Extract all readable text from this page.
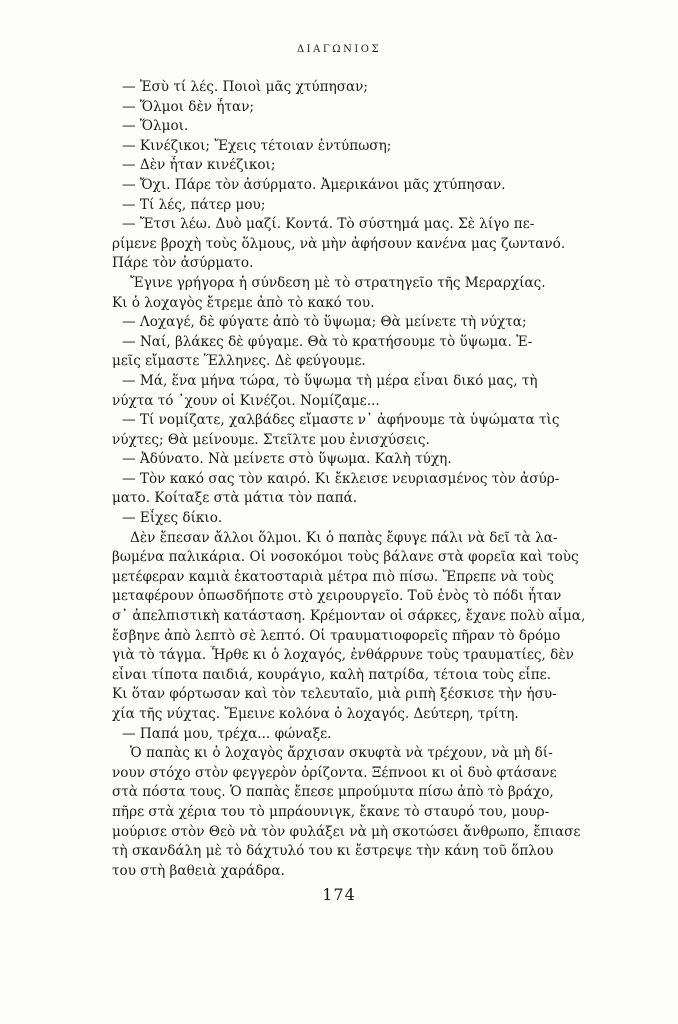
ΔΙΑΓΩΝΙΟΣ
— Ἐσὺ τί λές. Ποιοὶ μᾶς χτύπησαν;
— Ὅλμοι δὲν ἦταν;
— Ὅλμοι.
— Κινέζικοι; Ἔχεις τέτοιαν ἐντύπωση;
— Δὲν ἦταν κινέζικοι;
— Ὄχι. Πάρε τὸν ἀσύρματο. Ἀμερικάνοι μᾶς χτύπησαν.
— Τί λές, πάτερ μου;
— Ἔτσι λέω. Δυὸ μαζί. Κοντά. Τὸ σύστημά μας. Σὲ λίγο πε-
ρίμενε βροχὴ τοὺς ὅλμους, νὰ μὴν ἀφήσουν κανένα μας ζωντανό.
Πάρε τὸν ἀσύρματο.
Ἔγινε γρήγορα ἡ σύνδεση μὲ τὸ στρατηγεῖο τῆς Μεραρχίας.
Κι ὁ λοχαγὸς ἔτρεμε ἀπὸ τὸ κακό του.
— Λοχαγέ, δὲ φύγατε ἀπὸ τὸ ὕψωμα; Θὰ μείνετε τὴ νύχτα;
— Ναί, βλάκες δὲ φύγαμε. Θὰ τὸ κρατήσουμε τὸ ὕψωμα. Ἐ-
μεῖς εἴμαστε Ἕλληνες. Δὲ φεύγουμε.
— Μά, ἕνα μήνα τώρα, τὸ ὕψωμα τὴ μέρα εἶναι δικό μας, τὴ
νύχτα τό ᾽χουν οἱ Κινέζοι. Νομίζαμε...
— Τί νομίζατε, χαλβάδες εἴμαστε ν᾽ ἀφήνουμε τὰ ὑψώματα τὶς
νύχτες; Θὰ μείνουμε. Στεῖλτε μου ἐνισχύσεις.
— Ἀδύνατο. Νὰ μείνετε στὸ ὕψωμα. Καλὴ τύχη.
— Τὸν κακό σας τὸν καιρό. Κι ἔκλεισε νευριασμένος τὸν ἀσύρ-
ματο. Κοίταξε στὰ μάτια τὸν παπά.
— Εἶχες δίκιο.
Δὲν ἔπεσαν ἄλλοι ὅλμοι. Κι ὁ παπὰς ἔφυγε πάλι νὰ δεῖ τὰ λα-
βωμένα παλικάρια. Οἱ νοσοκόμοι τοὺς βάλανε στὰ φορεῖα καὶ τοὺς
μετέφεραν καμιὰ ἑκατοσταριὰ μέτρα πιὸ πίσω. Ἔπρεπε νὰ τοὺς
μεταφέρουν ὁπωσδήποτε στὸ χειρουργεῖο. Τοῦ ἑνὸς τὸ πόδι ἦταν
σ᾽ ἀπελπιστικὴ κατάσταση. Κρέμονταν οἱ σάρκες, ἔχανε πολὺ αἷμα,
ἔσβηνε ἀπὸ λεπτὸ σὲ λεπτό. Οἱ τραυματιοφορεῖς πῆραν τὸ δρόμο
γιὰ τὸ τάγμα. Ἦρθε κι ὁ λοχαγός, ἐνθάρρυνε τοὺς τραυματίες, δὲν
εἶναι τίποτα παιδιά, κουράγιο, καλὴ πατρίδα, τέτοια τοὺς εἶπε.
Κι ὅταν φόρτωσαν καὶ τὸν τελευταῖο, μιὰ ριπὴ ξέσκισε τὴν ἡσυ-
χία τῆς νύχτας. Ἔμεινε κολόνα ὁ λοχαγός. Δεύτερη, τρίτη.
— Παπά μου, τρέχα... φώναξε.
Ὁ παπὰς κι ὁ λοχαγὸς ἄρχισαν σκυφτὰ νὰ τρέχουν, νὰ μὴ δί-
νουν στόχο στὸν φεγγερὸν ὁρίζοντα. Ξέπνοοι κι οἱ δυὸ φτάσανε
στὰ πόστα τους. Ὁ παπὰς ἔπεσε μπρούμυτα πίσω ἀπὸ τὸ βράχο,
πῆρε στὰ χέρια του τὸ μπράουνιγκ, ἔκανε τὸ σταυρό του, μουρ-
μούρισε στὸν Θεὸ νὰ τὸν φυλάξει νὰ μὴ σκοτώσει ἄνθρωπο, ἔπιασε
τὴ σκανδάλη μὲ τὸ δάχτυλό του κι ἔστρεψε τὴν κάνη τοῦ ὅπλου
του στὴ βαθειὰ χαράδρα.
174
